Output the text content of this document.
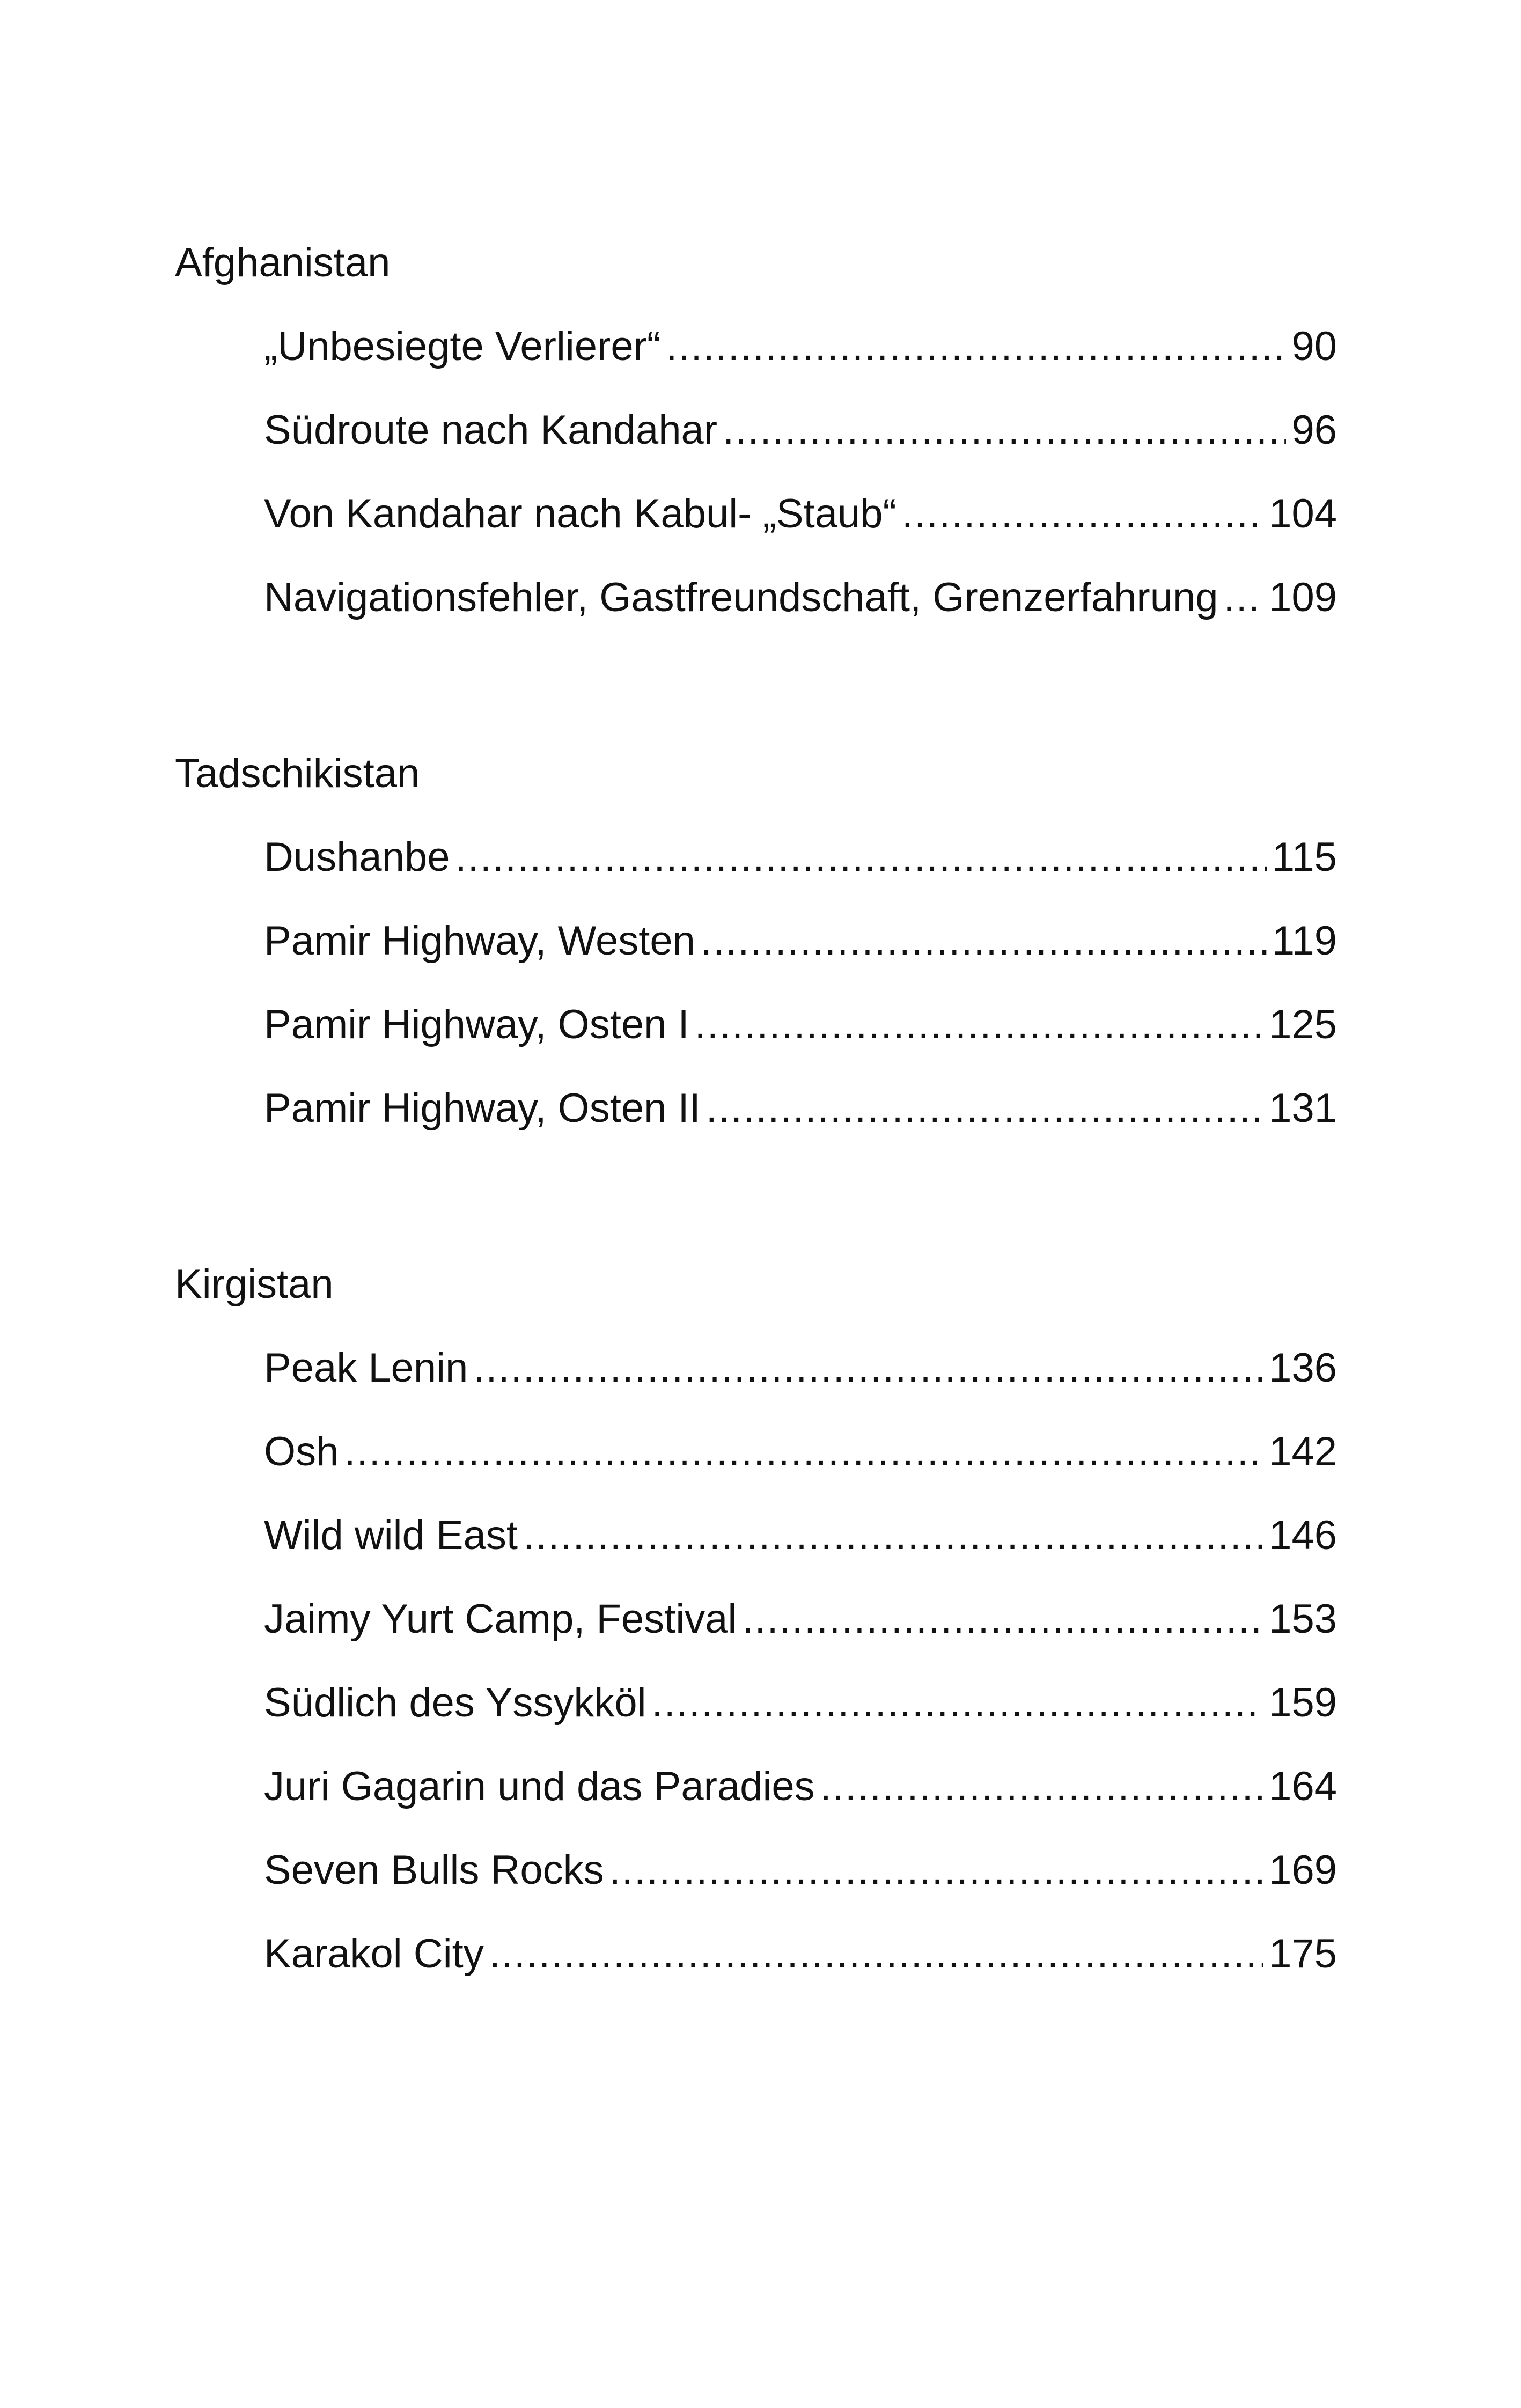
Afghanistan
„Unbesiegte Verlierer“ .....	90
Südroute nach Kandahar .....	96
Von Kandahar nach Kabul- „Staub“ .....	104
Navigationsfehler, Gastfreundschaft, Grenzerfahrung ..... 109
Tadschikistan
Dushanbe .....	115
Pamir Highway, Westen .....	119
Pamir Highway, Osten I .....	125
Pamir Highway, Osten II .....	131
Kirgistan
Peak Lenin .....	136
Osh .....	142
Wild wild East .....	146
Jaimy Yurt Camp, Festival .....	153
Südlich des Yssykköl .....	159
Juri Gagarin und das Paradies .....	164
Seven Bulls Rocks .....	169
Karakol City .....	175
